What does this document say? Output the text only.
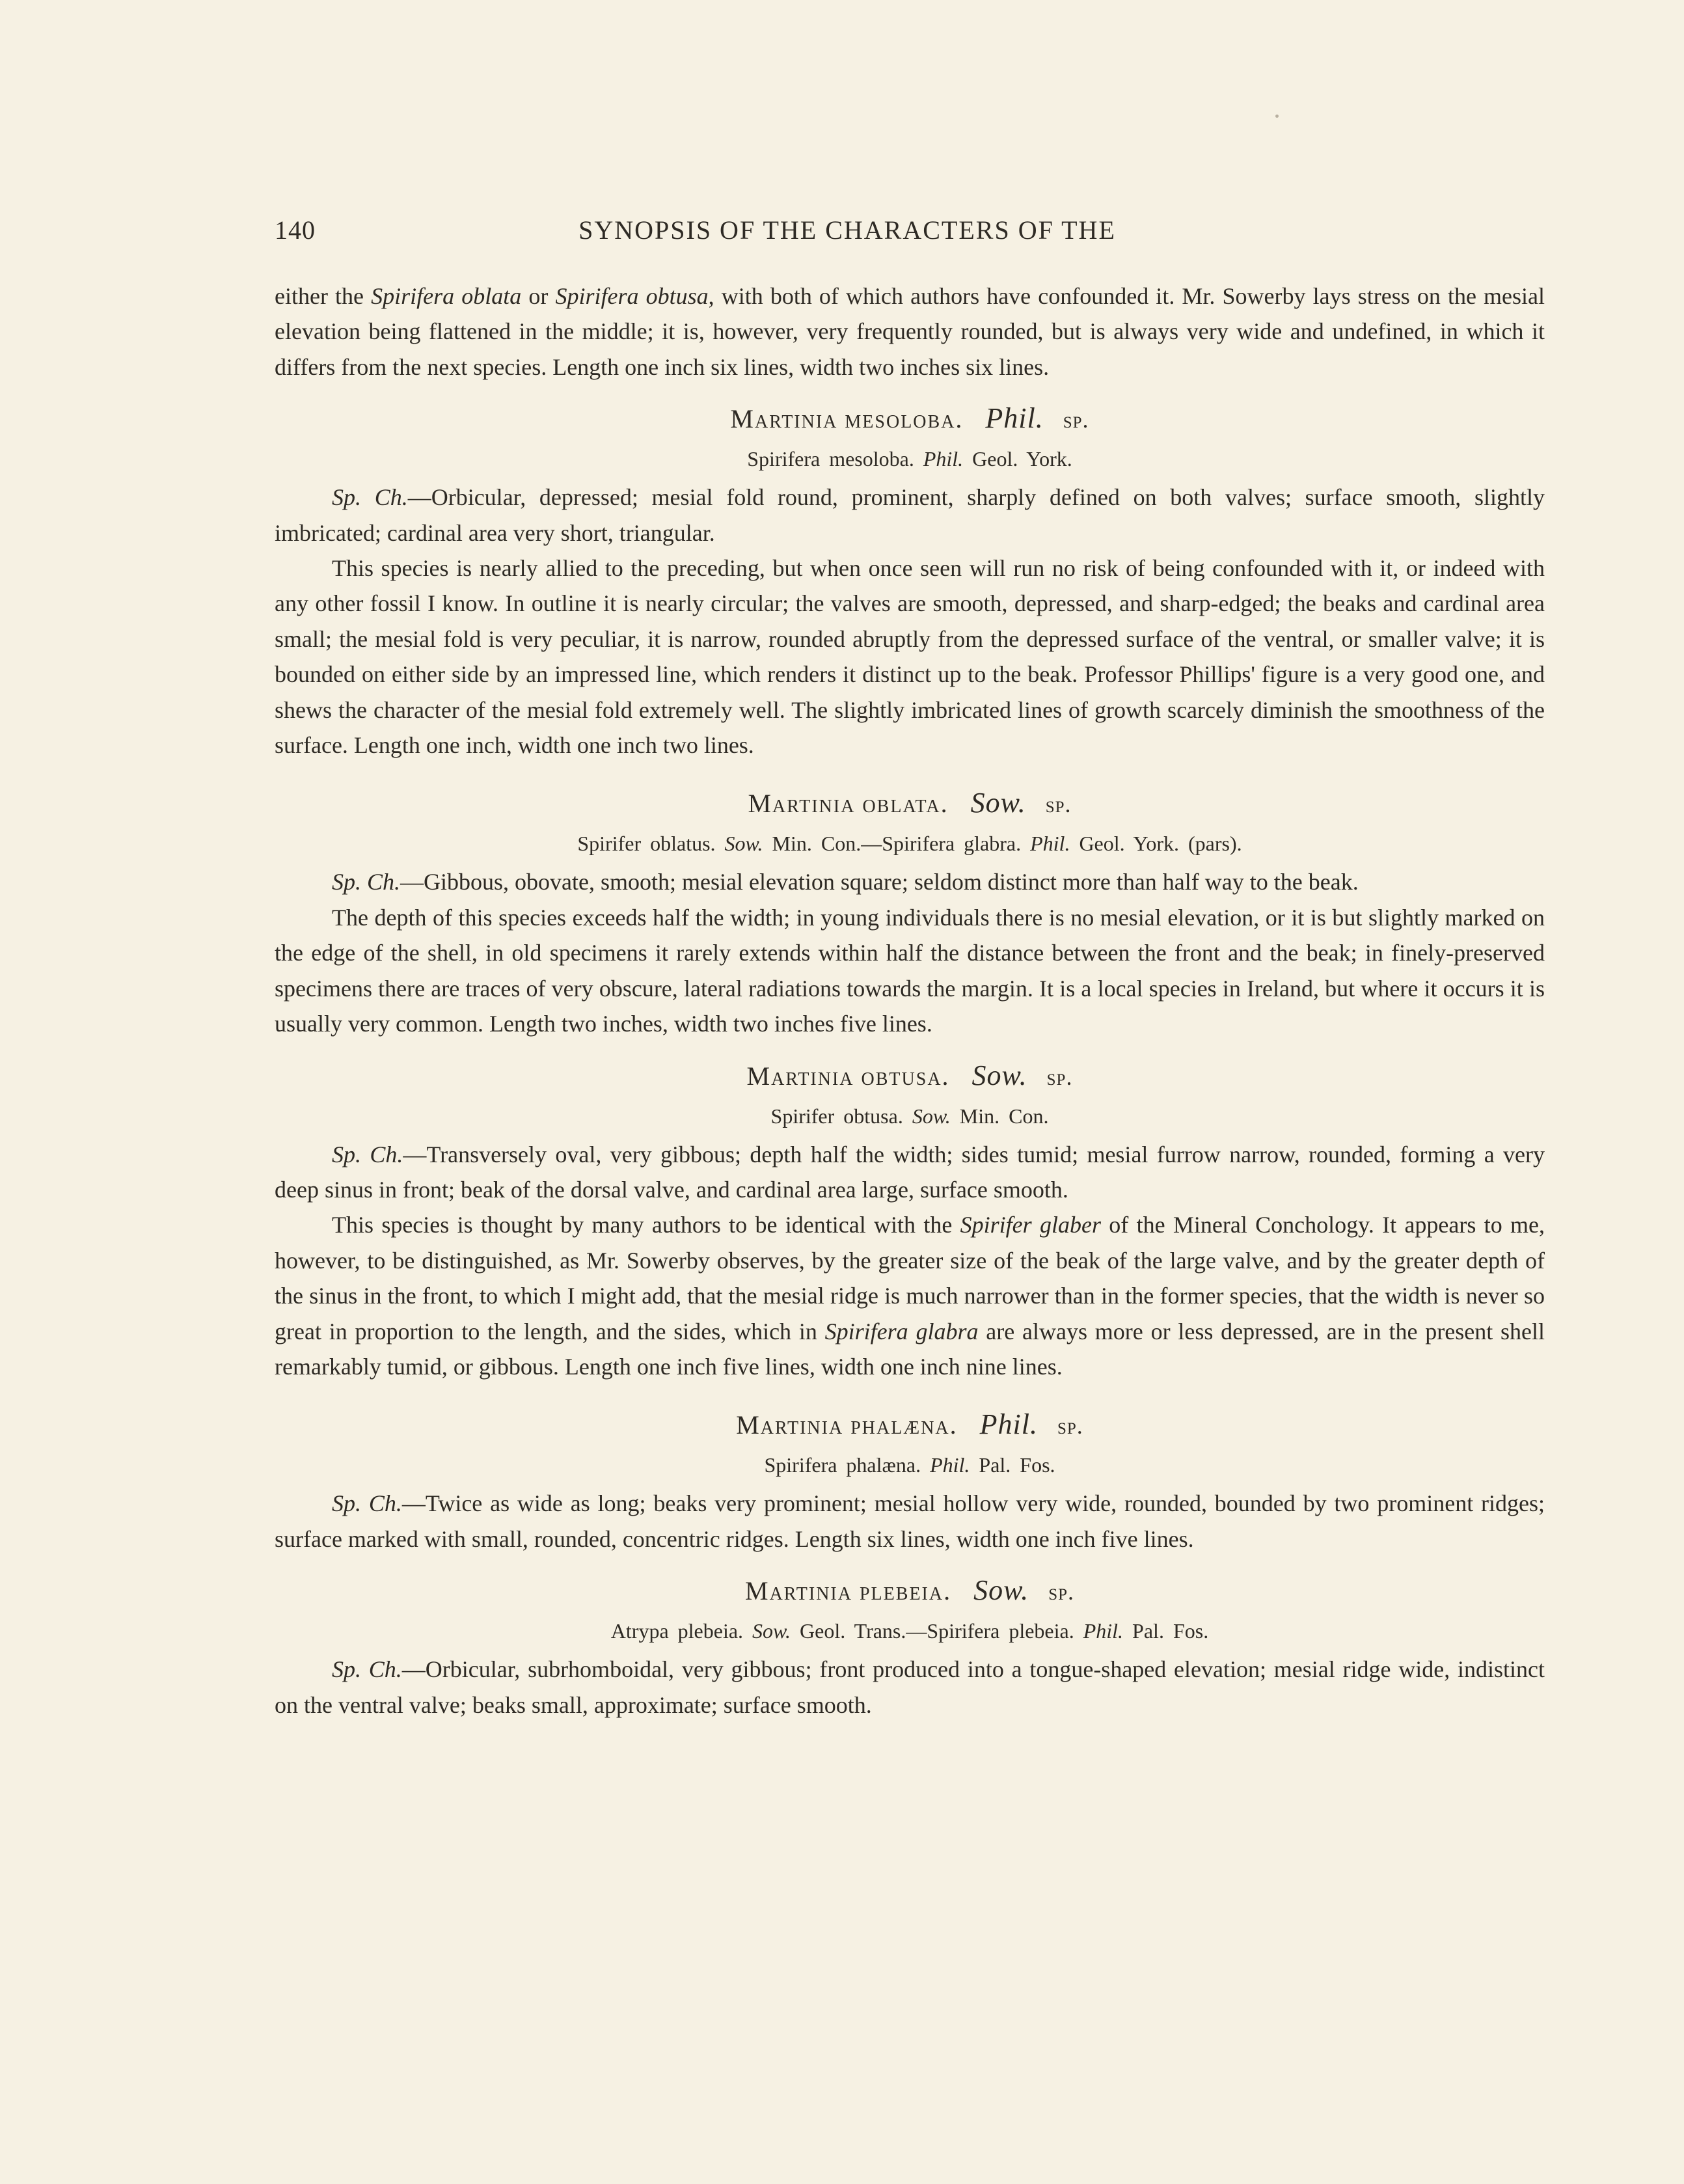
140	SYNOPSIS OF THE CHARACTERS OF THE

either the Spirifera oblata or Spirifera obtusa, with both of which authors have confounded it. Mr. Sowerby lays stress on the mesial elevation being flattened in the middle; it is, however, very frequently rounded, but is always very wide and undefined, in which it differs from the next species. Length one inch six lines, width two inches six lines.

Martinia mesoloba. Phil. sp.
Spirifera mesoloba. Phil. Geol. York.

Sp. Ch.—Orbicular, depressed; mesial fold round, prominent, sharply defined on both valves; surface smooth, slightly imbricated; cardinal area very short, triangular.

This species is nearly allied to the preceding, but when once seen will run no risk of being confounded with it, or indeed with any other fossil I know. In outline it is nearly circular; the valves are smooth, depressed, and sharp-edged; the beaks and cardinal area small; the mesial fold is very peculiar, it is narrow, rounded abruptly from the depressed surface of the ventral, or smaller valve; it is bounded on either side by an impressed line, which renders it distinct up to the beak. Professor Phillips' figure is a very good one, and shews the character of the mesial fold extremely well. The slightly imbricated lines of growth scarcely diminish the smoothness of the surface. Length one inch, width one inch two lines.

Martinia oblata. Sow. sp.
Spirifer oblatus. Sow. Min. Con.—Spirifera glabra. Phil. Geol. York. (pars).

Sp. Ch.—Gibbous, obovate, smooth; mesial elevation square; seldom distinct more than half way to the beak.

The depth of this species exceeds half the width; in young individuals there is no mesial elevation, or it is but slightly marked on the edge of the shell, in old specimens it rarely extends within half the distance between the front and the beak; in finely-preserved specimens there are traces of very obscure, lateral radiations towards the margin. It is a local species in Ireland, but where it occurs it is usually very common. Length two inches, width two inches five lines.

Martinia obtusa. Sow. sp.
Spirifer obtusa. Sow. Min. Con.

Sp. Ch.—Transversely oval, very gibbous; depth half the width; sides tumid; mesial furrow narrow, rounded, forming a very deep sinus in front; beak of the dorsal valve, and cardinal area large, surface smooth.

This species is thought by many authors to be identical with the Spirifer glaber of the Mineral Conchology. It appears to me, however, to be distinguished, as Mr. Sowerby observes, by the greater size of the beak of the large valve, and by the greater depth of the sinus in the front, to which I might add, that the mesial ridge is much narrower than in the former species, that the width is never so great in proportion to the length, and the sides, which in Spirifera glabra are always more or less depressed, are in the present shell remarkably tumid, or gibbous. Length one inch five lines, width one inch nine lines.

Martinia phalæna. Phil. sp.
Spirifera phalæna. Phil. Pal. Fos.

Sp. Ch.—Twice as wide as long; beaks very prominent; mesial hollow very wide, rounded, bounded by two prominent ridges; surface marked with small, rounded, concentric ridges. Length six lines, width one inch five lines.

Martinia plebeia. Sow. sp.
Atrypa plebeia. Sow. Geol. Trans.—Spirifera plebeia. Phil. Pal. Fos.

Sp. Ch.—Orbicular, subrhomboidal, very gibbous; front produced into a tongue-shaped elevation; mesial ridge wide, indistinct on the ventral valve; beaks small, approximate; surface smooth.
